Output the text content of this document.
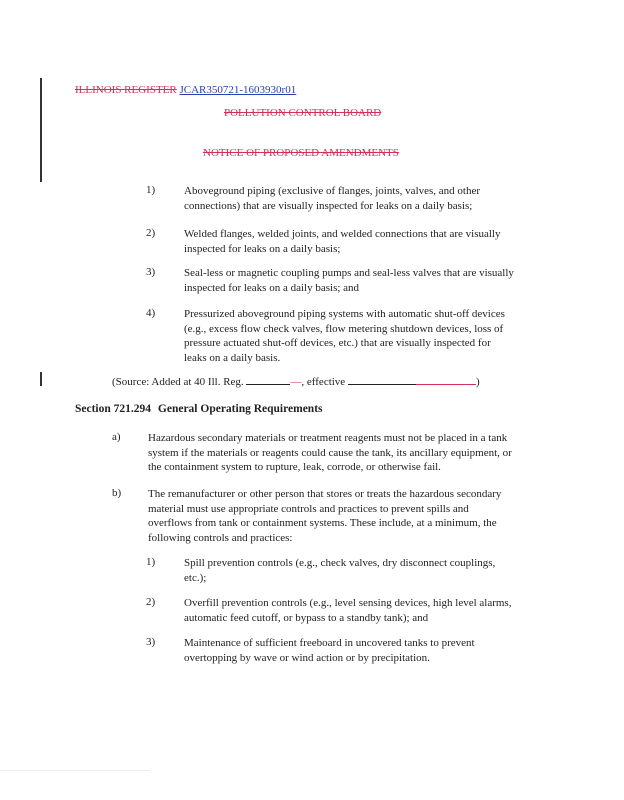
ILLINOIS REGISTER JCAR350721-1603930r01
POLLUTION CONTROL BOARD
NOTICE OF PROPOSED AMENDMENTS
1)	Aboveground piping (exclusive of flanges, joints, valves, and other
connections) that are visually inspected for leaks on a daily basis;
2)	Welded flanges, welded joints, and welded connections that are visually
inspected for leaks on a daily basis;
3)	Seal-less or magnetic coupling pumps and seal-less valves that are visually
inspected for leaks on a daily basis; and
4)	Pressurized aboveground piping systems with automatic shut-off devices
(e.g., excess flow check valves, flow metering shutdown devices, loss of
pressure actuated shut-off devices, etc.) that are visually inspected for
leaks on a daily basis.
(Source: Added at 40 Ill. Reg.	—, effective	)
Section 721.294 General Operating Requirements
a)	Hazardous secondary materials or treatment reagents must not be placed in a tank
system if the materials or reagents could cause the tank, its ancillary equipment, or
the containment system to rupture, leak, corrode, or otherwise fail.
b)	The remanufacturer or other person that stores or treats the hazardous secondary
material must use appropriate controls and practices to prevent spills and
overflows from tank or containment systems. These include, at a minimum, the
following controls and practices:
1)	Spill prevention controls (e.g., check valves, dry disconnect couplings,
etc.);
2)	Overfill prevention controls (e.g., level sensing devices, high level alarms,
automatic feed cutoff, or bypass to a standby tank); and
3)	Maintenance of sufficient freeboard in uncovered tanks to prevent
overtopping by wave or wind action or by precipitation.
